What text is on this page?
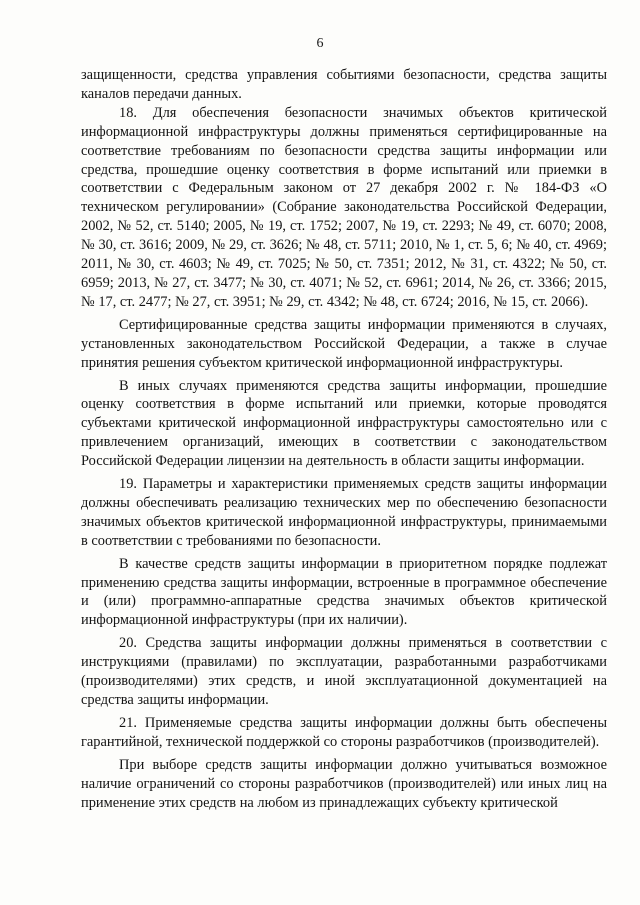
6

защищенности, средства управления событиями безопасности, средства защиты каналов передачи данных.

18. Для обеспечения безопасности значимых объектов критической информационной инфраструктуры должны применяться сертифицированные на соответствие требованиям по безопасности средства защиты информации или средства, прошедшие оценку соответствия в форме испытаний или приемки в соответствии с Федеральным законом от 27 декабря 2002 г. № 184-ФЗ «О техническом регулировании» (Собрание законодательства Российской Федерации, 2002, № 52, ст. 5140; 2005, № 19, ст. 1752; 2007, № 19, ст. 2293; № 49, ст. 6070; 2008, № 30, ст. 3616; 2009, № 29, ст. 3626; № 48, ст. 5711; 2010, № 1, ст. 5, 6; № 40, ст. 4969; 2011, № 30, ст. 4603; № 49, ст. 7025; № 50, ст. 7351; 2012, № 31, ст. 4322; № 50, ст. 6959; 2013, № 27, ст. 3477; № 30, ст. 4071; № 52, ст. 6961; 2014, № 26, ст. 3366; 2015, № 17, ст. 2477; № 27, ст. 3951; № 29, ст. 4342; № 48, ст. 6724; 2016, № 15, ст. 2066).

Сертифицированные средства защиты информации применяются в случаях, установленных законодательством Российской Федерации, а также в случае принятия решения субъектом критической информационной инфраструктуры.

В иных случаях применяются средства защиты информации, прошедшие оценку соответствия в форме испытаний или приемки, которые проводятся субъектами критической информационной инфраструктуры самостоятельно или с привлечением организаций, имеющих в соответствии с законодательством Российской Федерации лицензии на деятельность в области защиты информации.

19. Параметры и характеристики применяемых средств защиты информации должны обеспечивать реализацию технических мер по обеспечению безопасности значимых объектов критической информационной инфраструктуры, принимаемыми в соответствии с требованиями по безопасности.

В качестве средств защиты информации в приоритетном порядке подлежат применению средства защиты информации, встроенные в программное обеспечение и (или) программно-аппаратные средства значимых объектов критической информационной инфраструктуры (при их наличии).

20. Средства защиты информации должны применяться в соответствии с инструкциями (правилами) по эксплуатации, разработанными разработчиками (производителями) этих средств, и иной эксплуатационной документацией на средства защиты информации.

21. Применяемые средства защиты информации должны быть обеспечены гарантийной, технической поддержкой со стороны разработчиков (производителей).

При выборе средств защиты информации должно учитываться возможное наличие ограничений со стороны разработчиков (производителей) или иных лиц на применение этих средств на любом из принадлежащих субъекту критической
